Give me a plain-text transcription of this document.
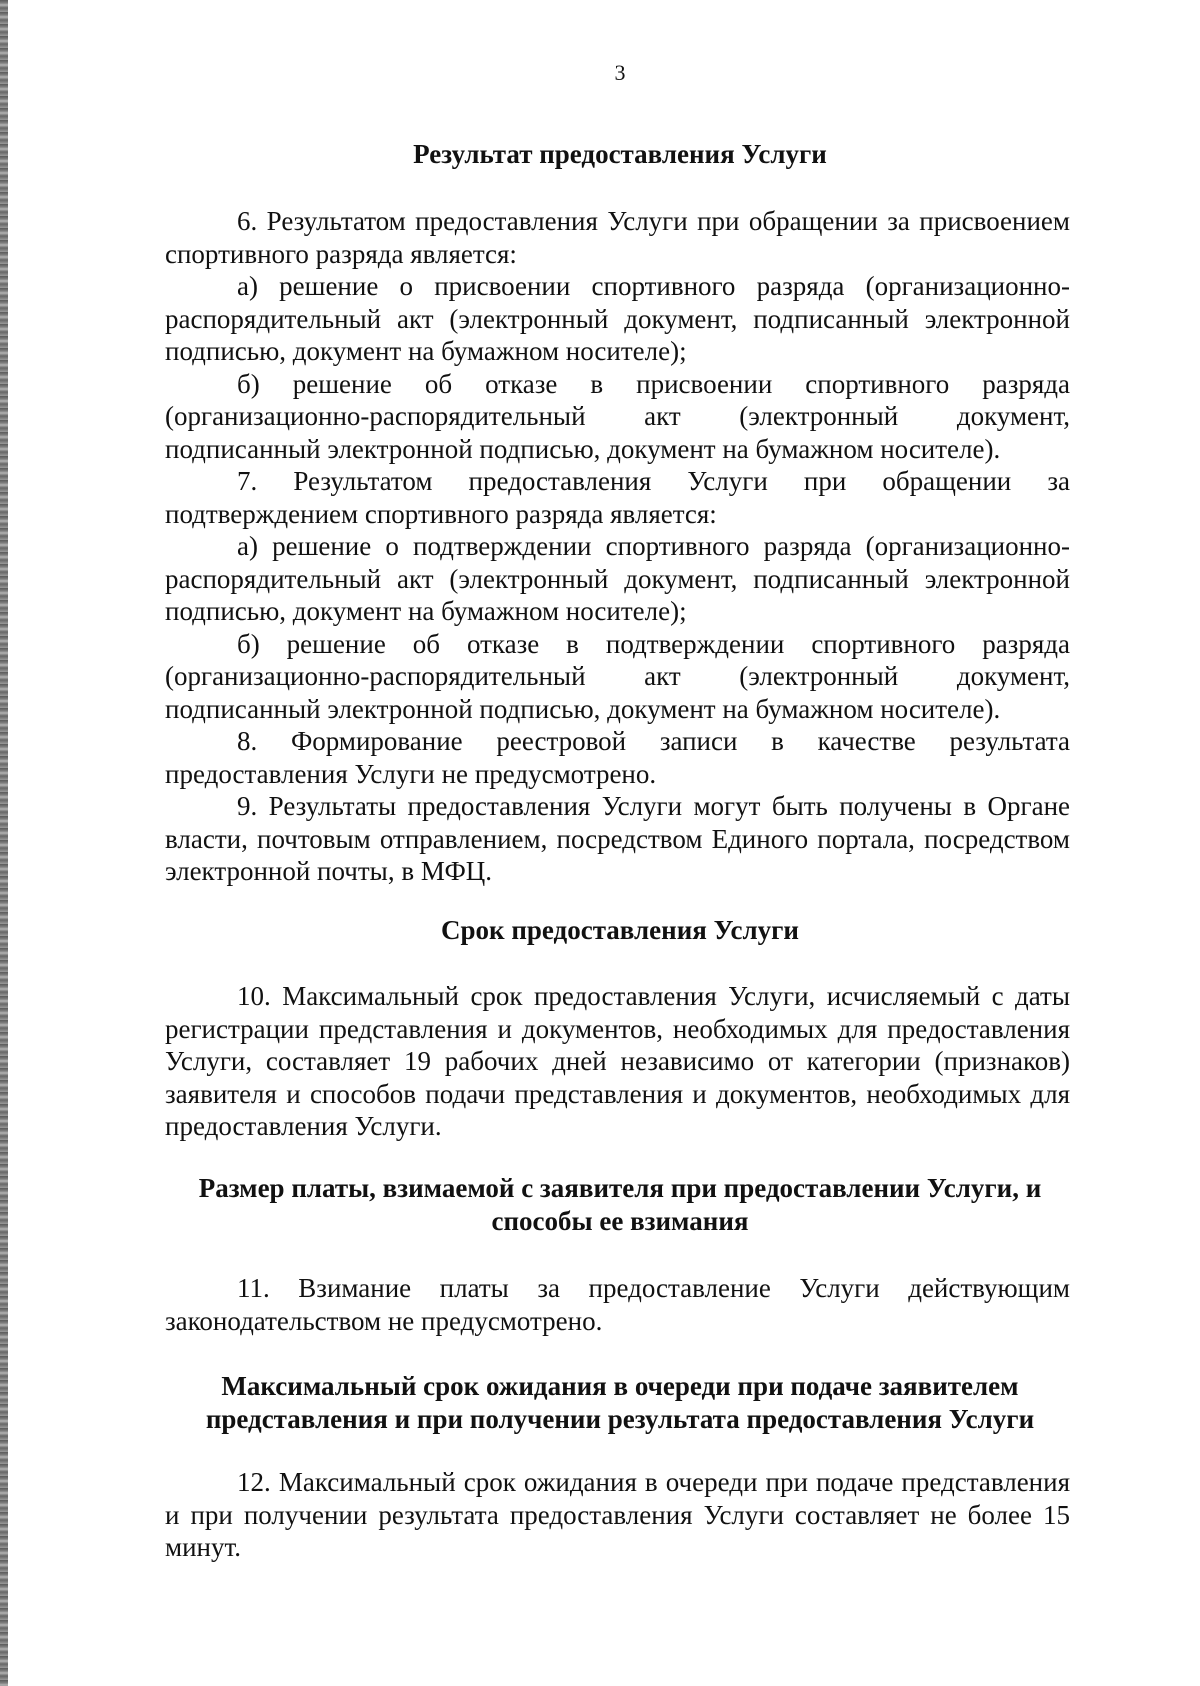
3
Результат предоставления Услуги

6. Результатом предоставления Услуги при обращении за присвоением спортивного разряда является:

а) решение о присвоении спортивного разряда (организационно-распорядительный акт (электронный документ, подписанный электронной подписью, документ на бумажном носителе);

б) решение об отказе в присвоении спортивного разряда (организационно-распорядительный акт (электронный документ, подписанный электронной подписью, документ на бумажном носителе).

7. Результатом предоставления Услуги при обращении за подтверждением спортивного разряда является:

а) решение о подтверждении спортивного разряда (организационно-распорядительный акт (электронный документ, подписанный электронной подписью, документ на бумажном носителе);

б) решение об отказе в подтверждении спортивного разряда (организационно-распорядительный акт (электронный документ, подписанный электронной подписью, документ на бумажном носителе).

8. Формирование реестровой записи в качестве результата предоставления Услуги не предусмотрено.

9. Результаты предоставления Услуги могут быть получены в Органе власти, почтовым отправлением, посредством Единого портала, посредством электронной почты, в МФЦ.

Срок предоставления Услуги

10. Максимальный срок предоставления Услуги, исчисляемый с даты регистрации представления и документов, необходимых для предоставления Услуги, составляет 19 рабочих дней независимо от категории (признаков) заявителя и способов подачи представления и документов, необходимых для предоставления Услуги.

Размер платы, взимаемой с заявителя при предоставлении Услуги, и
способы ее взимания

11. Взимание платы за предоставление Услуги действующим законодательством не предусмотрено.

Максимальный срок ожидания в очереди при подаче заявителем
представления и при получении результата предоставления Услуги

12. Максимальный срок ожидания в очереди при подаче представления и при получении результата предоставления Услуги составляет не более 15 минут.
